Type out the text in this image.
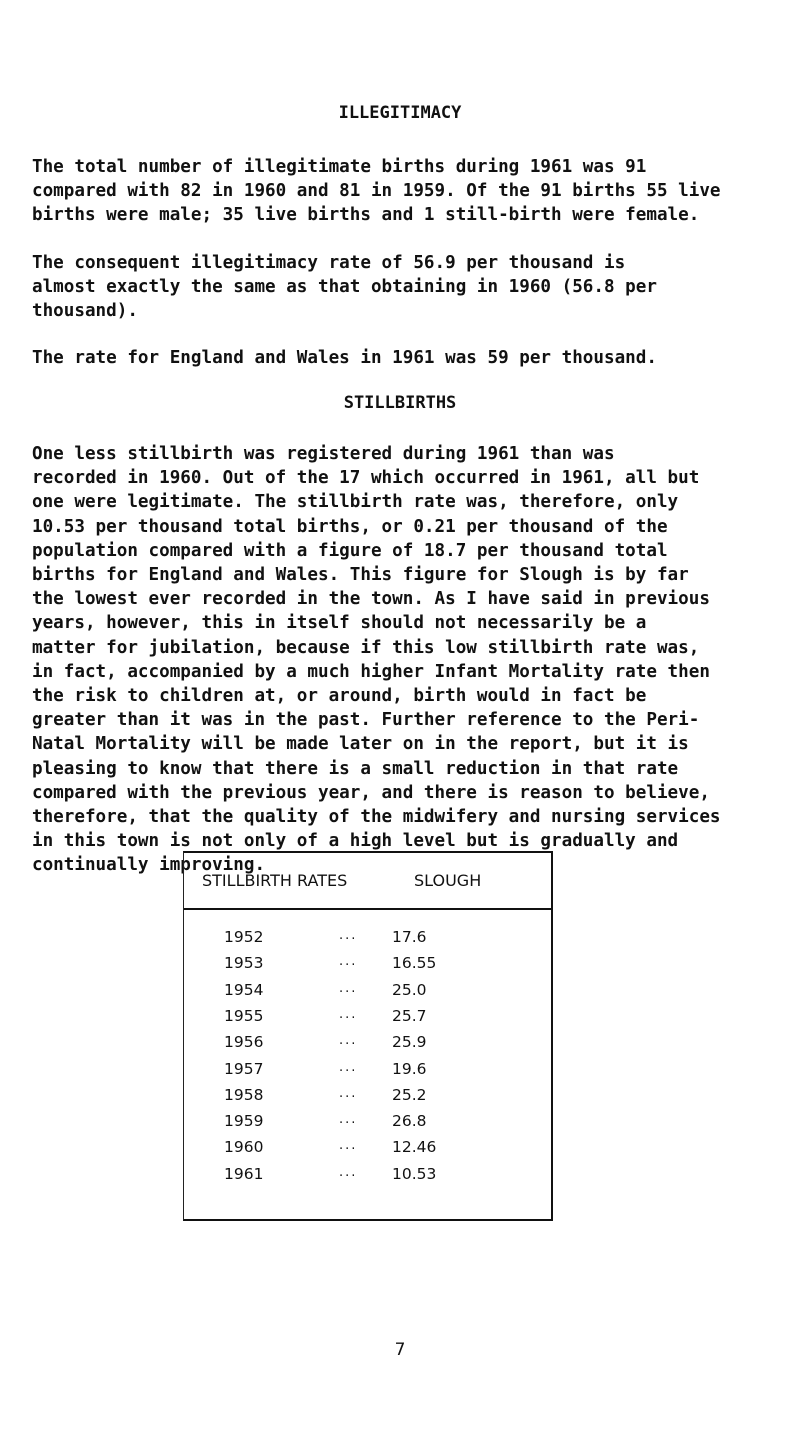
ILLEGITIMACY

The total number of illegitimate births during 1961 was 91
compared with 82 in 1960 and 81 in 1959. Of the 91 births 55 live
births were male; 35 live births and 1 still-birth were female.

The consequent illegitimacy rate of 56.9 per thousand is
almost exactly the same as that obtaining in 1960 (56.8 per
thousand).

The rate for England and Wales in 1961 was 59 per thousand.

STILLBIRTHS

One less stillbirth was registered during 1961 than was
recorded in 1960. Out of the 17 which occurred in 1961, all but
one were legitimate. The stillbirth rate was, therefore, only
10.53 per thousand total births, or 0.21 per thousand of the
population compared with a figure of 18.7 per thousand total
births for England and Wales. This figure for Slough is by far
the lowest ever recorded in the town. As I have said in previous
years, however, this in itself should not necessarily be a
matter for jubilation, because if this low stillbirth rate was,
in fact, accompanied by a much higher Infant Mortality rate then
the risk to children at, or around, birth would in fact be
greater than it was in the past. Further reference to the Peri-
Natal Mortality will be made later on in the report, but it is
pleasing to know that there is a small reduction in that rate
compared with the previous year, and there is reason to believe,
therefore, that the quality of the midwifery and nursing services
in this town is not only of a high level but is gradually and
continually improving.

STILLBIRTH RATES	SLOUGH
1952	... 17.6
1953	... 16.55
1954	... 25.0
1955	... 25.7
1956	... 25.9
1957	... 19.6
1958	... 25.2
1959	... 26.8
1960	... 12.46
1961	... 10.53
7
